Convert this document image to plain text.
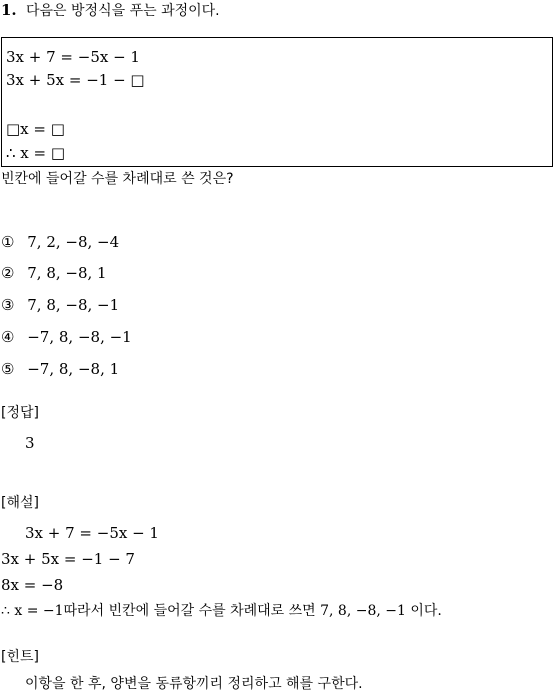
1. 다음은 방정식을 푸는 과정이다.
3x + 7 = −5x − 1
3x + 5x = −1 − □
□x = □
∴ x = □
빈칸에 들어갈 수를 차례대로 쓴 것은?
① 7, 2, −8, −4
② 7, 8, −8, 1
③ 7, 8, −8, −1
④ −7, 8, −8, −1
⑤ −7, 8, −8, 1
[정답]
3
[해설]
3x + 7 = −5x − 1
3x + 5x = −1 − 7
8x = −8
∴ x = −1따라서 빈칸에 들어갈 수를 차례대로 쓰면 7, 8, −8, −1 이다.
[힌트]
이항을 한 후, 양변을 동류항끼리 정리하고 해를 구한다.
